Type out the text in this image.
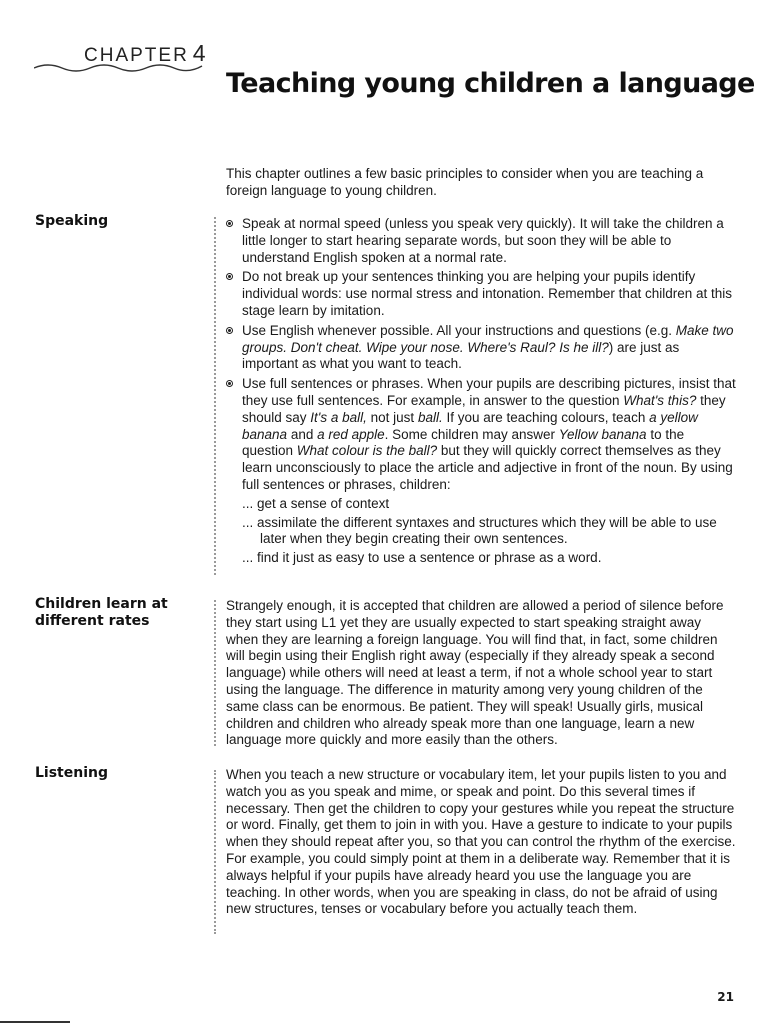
CHAPTER 4
Teaching young children a language

This chapter outlines a few basic principles to consider when you are teaching a foreign language to young children.

Speaking	Speak at normal speed (unless you speak very quickly). It will take the children a little longer to start hearing separate words, but soon they will be able to understand English spoken at a normal rate.
Do not break up your sentences thinking you are helping your pupils identify individual words: use normal stress and intonation. Remember that children at this stage learn by imitation.
Use English whenever possible. All your instructions and questions (e.g. Make two groups. Don't cheat. Wipe your nose. Where's Raul? Is he ill?) are just as important as what you want to teach.
Use full sentences or phrases. When your pupils are describing pictures, insist that they use full sentences. For example, in answer to the question What's this? they should say It's a ball, not just ball. If you are teaching colours, teach a yellow banana and a red apple. Some children may answer Yellow banana to the question What colour is the ball? but they will quickly correct themselves as they learn unconsciously to place the article and adjective in front of the noun. By using full sentences or phrases, children:
... get a sense of context
... assimilate the different syntaxes and structures which they will be able to use later when they begin creating their own sentences.
... find it just as easy to use a sentence or phrase as a word.
Children learn at different rates

Strangely enough, it is accepted that children are allowed a period of silence before they start using L1 yet they are usually expected to start speaking straight away when they are learning a foreign language. You will find that, in fact, some children will begin using their English right away (especially if they already speak a second language) while others will need at least a term, if not a whole school year to start using the language. The difference in maturity among very young children of the same class can be enormous. Be patient. They will speak! Usually girls, musical children and children who already speak more than one language, learn a new language more quickly and more easily than the others.

Listening	When you teach a new structure or vocabulary item, let your pupils listen to you and watch you as you speak and mime, or speak and point. Do this several times if necessary. Then get the children to copy your gestures while you repeat the structure or word. Finally, get them to join in with you. Have a gesture to indicate to your pupils when they should repeat after you, so that you can control the rhythm of the exercise. For example, you could simply point at them in a deliberate way. Remember that it is always helpful if your pupils have already heard you use the language you are teaching. In other words, when you are speaking in class, do not be afraid of using new structures, tenses or vocabulary before you actually teach them.

21
